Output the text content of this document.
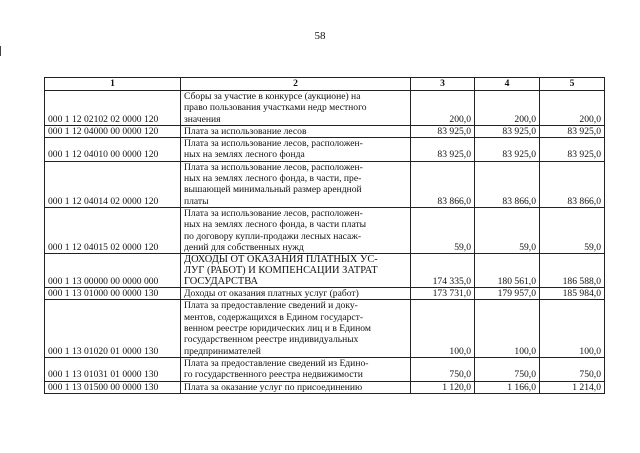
58
1	2	3	4	5
000 1 12 02102 02 0000 120	Сборы за участие в конкурсе (аукционе) на
право пользования участками недр местного
значения	200,0	200,0	200,0
000 1 12 04000 00 0000 120	Плата за использование лесов	83 925,0	83 925,0	83 925,0
000 1 12 04010 00 0000 120	Плата за использование лесов, расположен-
ных на землях лесного фонда	83 925,0	83 925,0	83 925,0
000 1 12 04014 02 0000 120	Плата за использование лесов, расположен-
ных на землях лесного фонда, в части, пре-
вышающей минимальный размер арендной
платы	83 866,0	83 866,0	83 866,0
000 1 12 04015 02 0000 120	Плата за использование лесов, расположен-
ных на землях лесного фонда, в части платы
по договору купли-продажи лесных насаж-
дений для собственных нужд	59,0	59,0	59,0
000 1 13 00000 00 0000 000	ДОХОДЫ ОТ ОКАЗАНИЯ ПЛАТНЫХ УС-
ЛУГ (РАБОТ) И КОМПЕНСАЦИИ ЗАТРАТ
ГОСУДАРСТВА	174 335,0	180 561,0	186 588,0
000 1 13 01000 00 0000 130	Доходы от оказания платных услуг (работ)	173 731,0	179 957,0	185 984,0
000 1 13 01020 01 0000 130	Плата за предоставление сведений и доку-
ментов, содержащихся в Едином государст-
венном реестре юридических лиц и в Едином
государственном реестре индивидуальных
предпринимателей	100,0	100,0	100,0
000 1 13 01031 01 0000 130	Плата за предоставление сведений из Едино-
го государственного реестра недвижимости	750,0	750,0	750,0
000 1 13 01500 00 0000 130	Плата за оказание услуг по присоединению	1 120,0	1 166,0	1 214,0
